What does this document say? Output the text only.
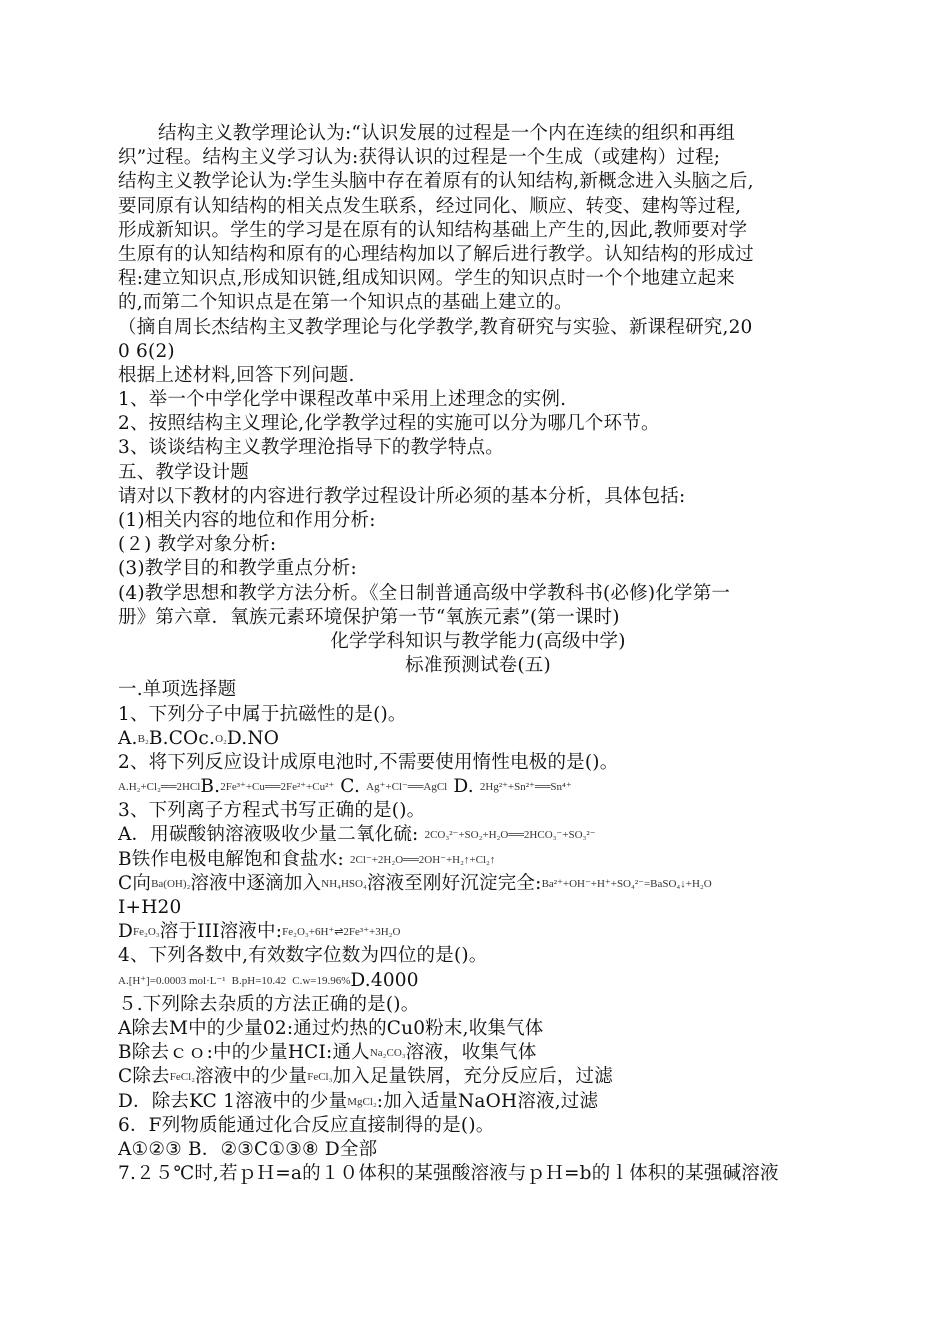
结构主义教学理论认为:“认识发展的过程是一个内在连续的组织和再组
织”过程。结构主义学习认为:获得认识的过程是一个生成（或建构）过程;
结构主义教学论认为:学生头脑中存在着原有的认知结构,新概念进入头脑之后,
要同原有认知结构的相关点发生联系，经过同化、顺应、转变、建构等过程,
形成新知识。学生的学习是在原有的认知结构基础上产生的,因此,教师要对学
生原有的认知结构和原有的心理结构加以了解后进行教学。认知结构的形成过
程:建立知识点,形成知识链,组成知识网。学生的知识点时一个个地建立起来
的,而第二个知识点是在第一个知识点的基础上建立的。
（摘自周长杰结构主叉教学理论与化学教学,教育研究与实验、新课程研究,20
0 6(2)
根据上述材料,回答下列问题.
1、举一个中学化学中课程改革中采用上述理念的实例.
2、按照结构主义理论,化学教学过程的实施可以分为哪几个环节。
3、谈谈结构主义教学理沧指导下的教学特点。
五、教学设计题
请对以下教材的内容进行教学过程设计所必须的基本分析，具体包括:
(1)相关内容的地位和作用分析:
(２) 教学对象分析:
(3)教学目的和教学重点分析:
(4)教学思想和教学方法分析。《全日制普通高级中学教科书(必修)化学第一
册》第六章．氧族元素环境保护第一节“氧族元素”(第一课时)
化学学科知识与教学能力(高级中学)
标准预测试卷(五)
一.单项选择题
1、下列分子中属于抗磁性的是()。
A.B₂B.COc.O₂D.NO
2、将下列反应设计成原电池时,不需要使用惰性电极的是()。
A.H₂+Cl₂══2HClB.2Fe³⁺+Cu══2Fe²⁺+Cu²⁺ C. Ag⁺+Cl⁻══AgCl D. 2Hg²⁺+Sn²⁺══Sn⁴⁺
3、下列离子方程式书写正确的是()。
A．用碳酸钠溶液吸收少量二氧化硫: 2CO₃²⁻+SO₂+H₂O══2HCO₃⁻+SO₃²⁻
B铁作电极电解饱和食盐水: 2Cl⁻+2H₂O══2OH⁻+H₂↑+Cl₂↑
C向Ba(OH)₂溶液中逐滴加入NH₄HSO₄溶液至刚好沉淀完全:Ba²⁺+OH⁻+H⁺+SO₄²⁻=BaSO₄↓+H₂O
I+H20
DFe₂O₃溶于III溶液中:Fe₂O₃+6H⁺⇌2Fe³⁺+3H₂O
4、下列各数中,有效数字位数为四位的是()。
A.[H⁺]=0.0003 mol·L⁻¹ B.pH=10.42 C.w=19.96%D.4000
５.下列除去杂质的方法正确的是()。
A除去M中的少量02:通过灼热的Cu0粉末,收集气体
B除去ｃｏ:中的少量HCI:通人Na₂CO₃溶液，收集气体
C除去FeCl₂溶液中的少量FeCl₃加入足量铁屑，充分反应后，过滤
D．除去KC 1溶液中的少量MgCl₂:加入适量NaOH溶液,过滤
6．F列物质能通过化合反应直接制得的是()。
A①②③ B．②③C①③⑧ D全部
7.２５℃时,若ｐＨ=a的１０体积的某强酸溶液与ｐＨ=b的ｌ体积的某强碱溶液
